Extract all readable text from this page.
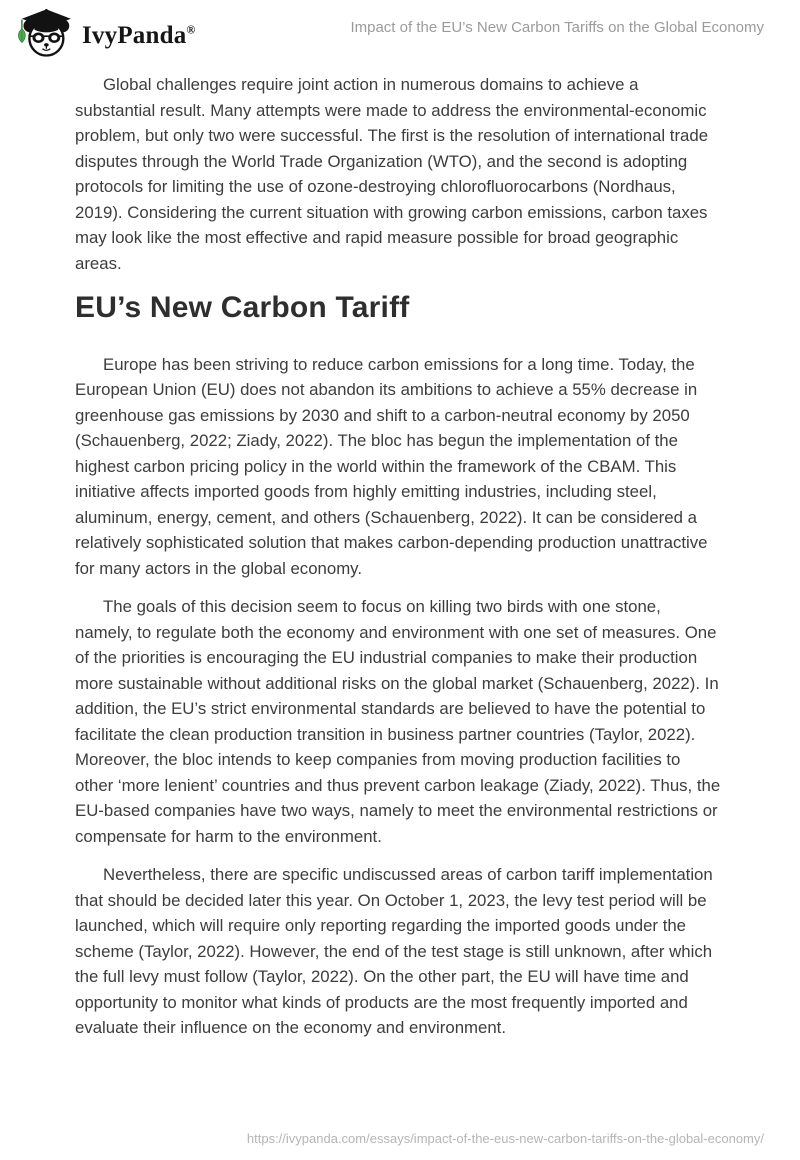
IvyPanda®	Impact of the EU’s New Carbon Tariffs on the Global Economy

Global challenges require joint action in numerous domains to achieve a substantial result. Many attempts were made to address the environmental-economic problem, but only two were successful. The first is the resolution of international trade disputes through the World Trade Organization (WTO), and the second is adopting protocols for limiting the use of ozone-destroying chlorofluorocarbons (Nordhaus, 2019). Considering the current situation with growing carbon emissions, carbon taxes may look like the most effective and rapid measure possible for broad geographic areas.

EU’s New Carbon Tariff

Europe has been striving to reduce carbon emissions for a long time. Today, the European Union (EU) does not abandon its ambitions to achieve a 55% decrease in greenhouse gas emissions by 2030 and shift to a carbon-neutral economy by 2050 (Schauenberg, 2022; Ziady, 2022). The bloc has begun the implementation of the highest carbon pricing policy in the world within the framework of the CBAM. This initiative affects imported goods from highly emitting industries, including steel, aluminum, energy, cement, and others (Schauenberg, 2022). It can be considered a relatively sophisticated solution that makes carbon-depending production unattractive for many actors in the global economy.

The goals of this decision seem to focus on killing two birds with one stone, namely, to regulate both the economy and environment with one set of measures. One of the priorities is encouraging the EU industrial companies to make their production more sustainable without additional risks on the global market (Schauenberg, 2022). In addition, the EU’s strict environmental standards are believed to have the potential to facilitate the clean production transition in business partner countries (Taylor, 2022). Moreover, the bloc intends to keep companies from moving production facilities to other ‘more lenient’ countries and thus prevent carbon leakage (Ziady, 2022). Thus, the EU-based companies have two ways, namely to meet the environmental restrictions or compensate for harm to the environment.

Nevertheless, there are specific undiscussed areas of carbon tariff implementation that should be decided later this year. On October 1, 2023, the levy test period will be launched, which will require only reporting regarding the imported goods under the scheme (Taylor, 2022). However, the end of the test stage is still unknown, after which the full levy must follow (Taylor, 2022). On the other part, the EU will have time and opportunity to monitor what kinds of products are the most frequently imported and evaluate their influence on the economy and environment.

https://ivypanda.com/essays/impact-of-the-eus-new-carbon-tariffs-on-the-global-economy/
